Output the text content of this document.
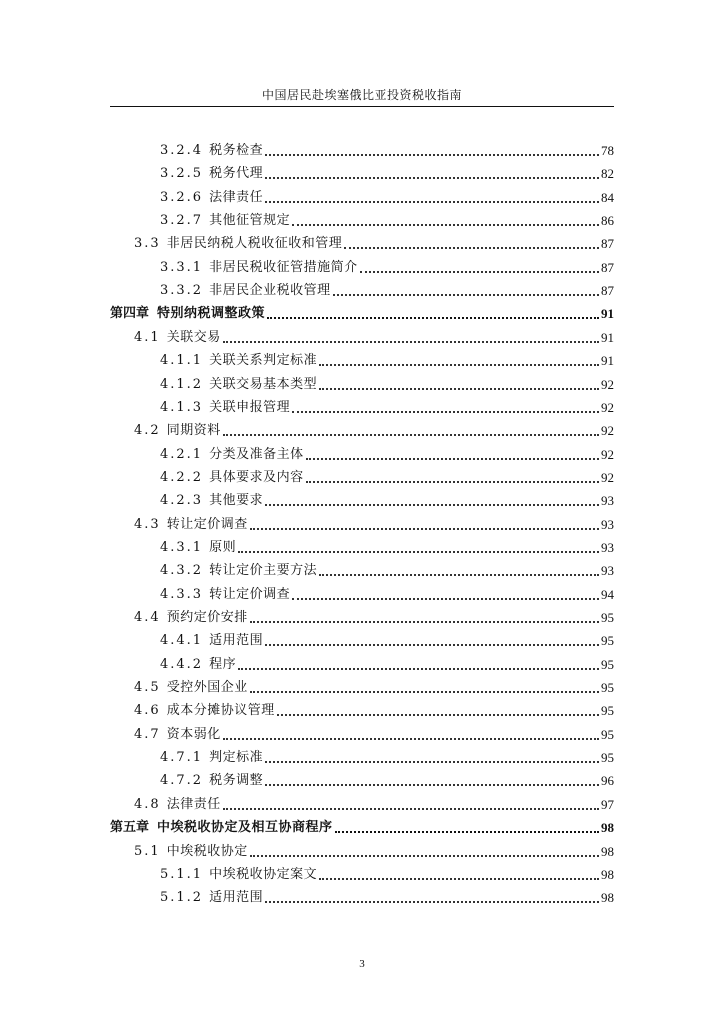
中国居民赴埃塞俄比亚投资税收指南
3.2.4 税务检查	78
3.2.5 税务代理	82
3.2.6 法律责任	84
3.2.7 其他征管规定	86
3.3 非居民纳税人税收征收和管理	87
3.3.1 非居民税收征管措施简介	87
3.3.2 非居民企业税收管理	87
第四章 特别纳税调整政策	91
4.1 关联交易	91
4.1.1 关联关系判定标准	91
4.1.2 关联交易基本类型	92
4.1.3 关联申报管理	92
4.2 同期资料	92
4.2.1 分类及准备主体	92
4.2.2 具体要求及内容	92
4.2.3 其他要求	93
4.3 转让定价调查	93
4.3.1 原则	93
4.3.2 转让定价主要方法	93
4.3.3 转让定价调查	94
4.4 预约定价安排	95
4.4.1 适用范围	95
4.4.2 程序	95
4.5 受控外国企业	95
4.6 成本分摊协议管理	95
4.7 资本弱化	95
4.7.1 判定标准	95
4.7.2 税务调整	96
4.8 法律责任	97
第五章 中埃税收协定及相互协商程序	98
5.1 中埃税收协定	98
5.1.1 中埃税收协定案文	98
5.1.2 适用范围	98
3
